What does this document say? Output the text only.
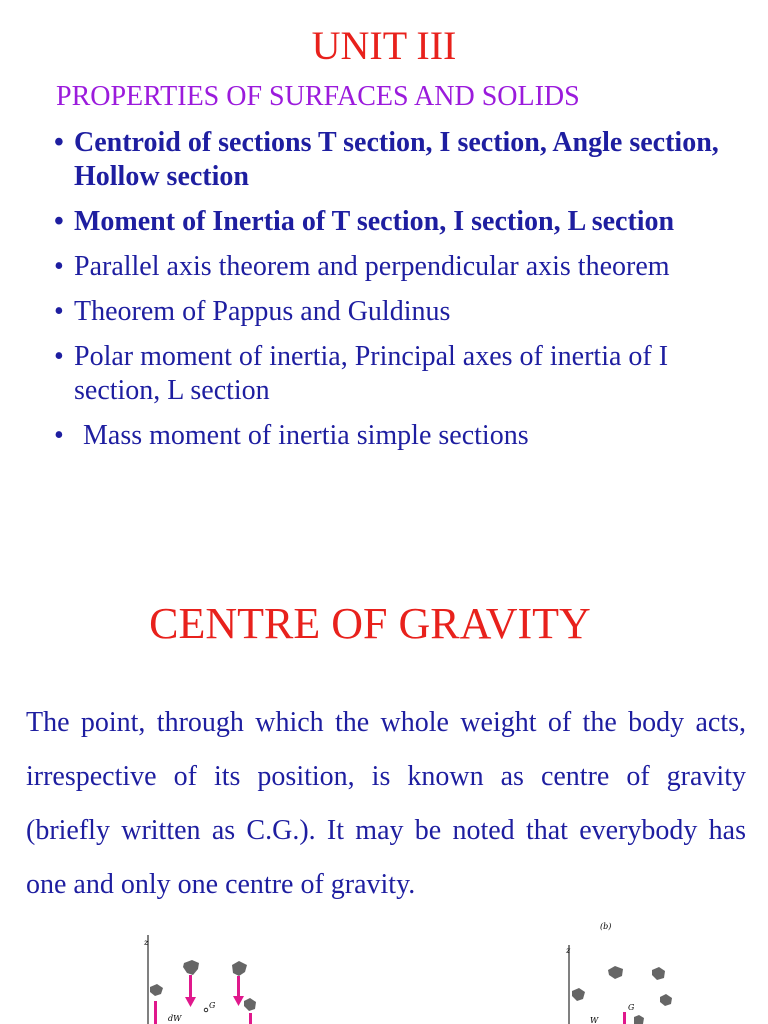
UNIT III
PROPERTIES OF SURFACES AND SOLIDS
• Centroid of sections T section, I section, Angle section, Hollow section
• Moment of Inertia of T section, I section, L section
• Parallel axis theorem and perpendicular axis theorem
• Theorem of Pappus and Guldinus
• Polar moment of inertia, Principal axes of inertia of I section, L section
• Mass moment of inertia simple sections
CENTRE OF GRAVITY

The point, through which the whole weight of the body acts, irrespective of its position, is known as centre of gravity (briefly written as C.G.). It may be noted that everybody has one and only one centre of gravity.

z
G
dW
(b)
z
G
W
